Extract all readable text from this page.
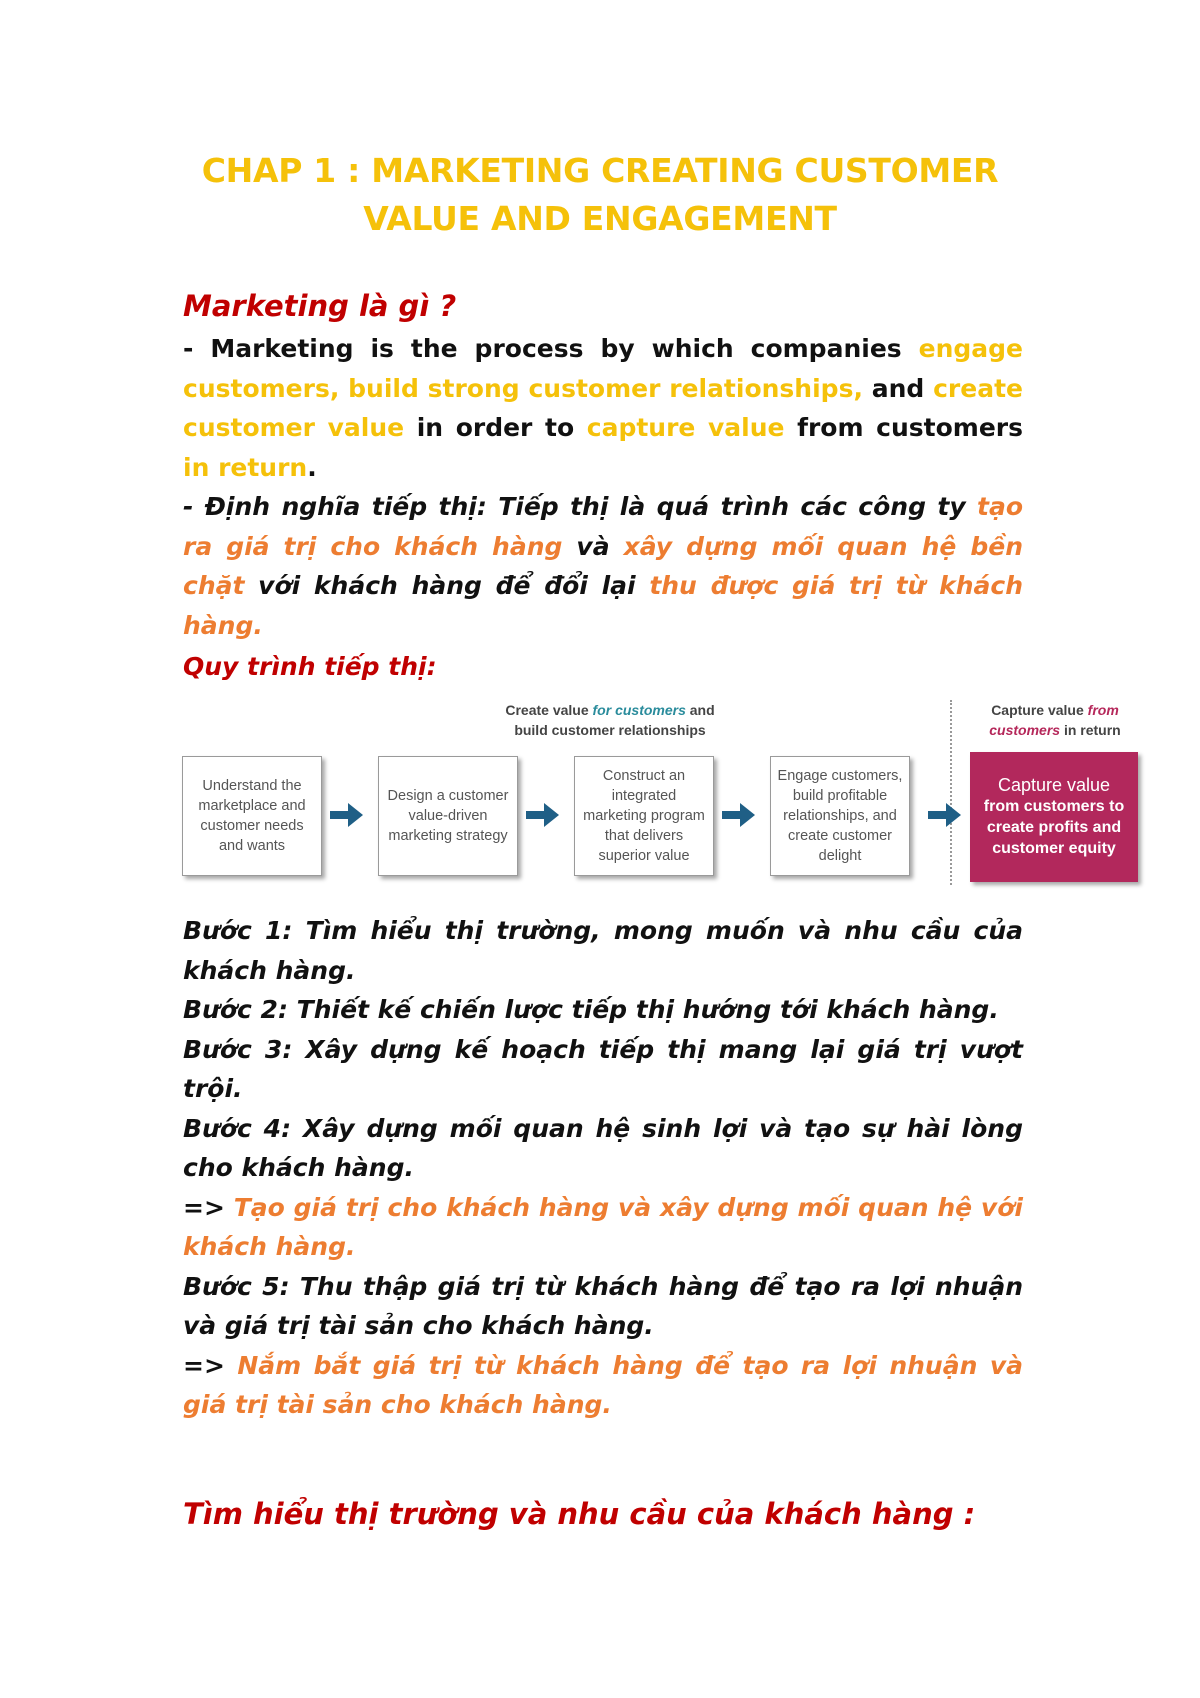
CHAP 1 : MARKETING CREATING CUSTOMER
VALUE AND ENGAGEMENT
Marketing là gì ?
- Marketing is the process by which companies engage customers, build strong customer relationships, and create customer value in order to capture value from customers in return.
- Định nghĩa tiếp thị: Tiếp thị là quá trình các công ty tạo ra giá trị cho khách hàng và xây dựng mối quan hệ bền chặt với khách hàng để đổi lại thu được giá trị từ khách hàng.
Quy trình tiếp thị:
Create value for customers and
build customer relationships
Capture value from
customers in return
Understand the marketplace and customer needs and wants
Design a customer value-driven marketing strategy
Construct an integrated marketing program that delivers superior value
Engage customers, build profitable relationships, and create customer delight
Capture value
from customers to create profits and customer equity
Bước 1: Tìm hiểu thị trường, mong muốn và nhu cầu của khách hàng.
Bước 2: Thiết kế chiến lược tiếp thị hướng tới khách hàng.
Bước 3: Xây dựng kế hoạch tiếp thị mang lại giá trị vượt trội.
Bước 4: Xây dựng mối quan hệ sinh lợi và tạo sự hài lòng cho khách hàng.
=> Tạo giá trị cho khách hàng và xây dựng mối quan hệ với khách hàng.
Bước 5: Thu thập giá trị từ khách hàng để tạo ra lợi nhuận và giá trị tài sản cho khách hàng.
=> Nắm bắt giá trị từ khách hàng để tạo ra lợi nhuận và giá trị tài sản cho khách hàng.
Tìm hiểu thị trường và nhu cầu của khách hàng :
